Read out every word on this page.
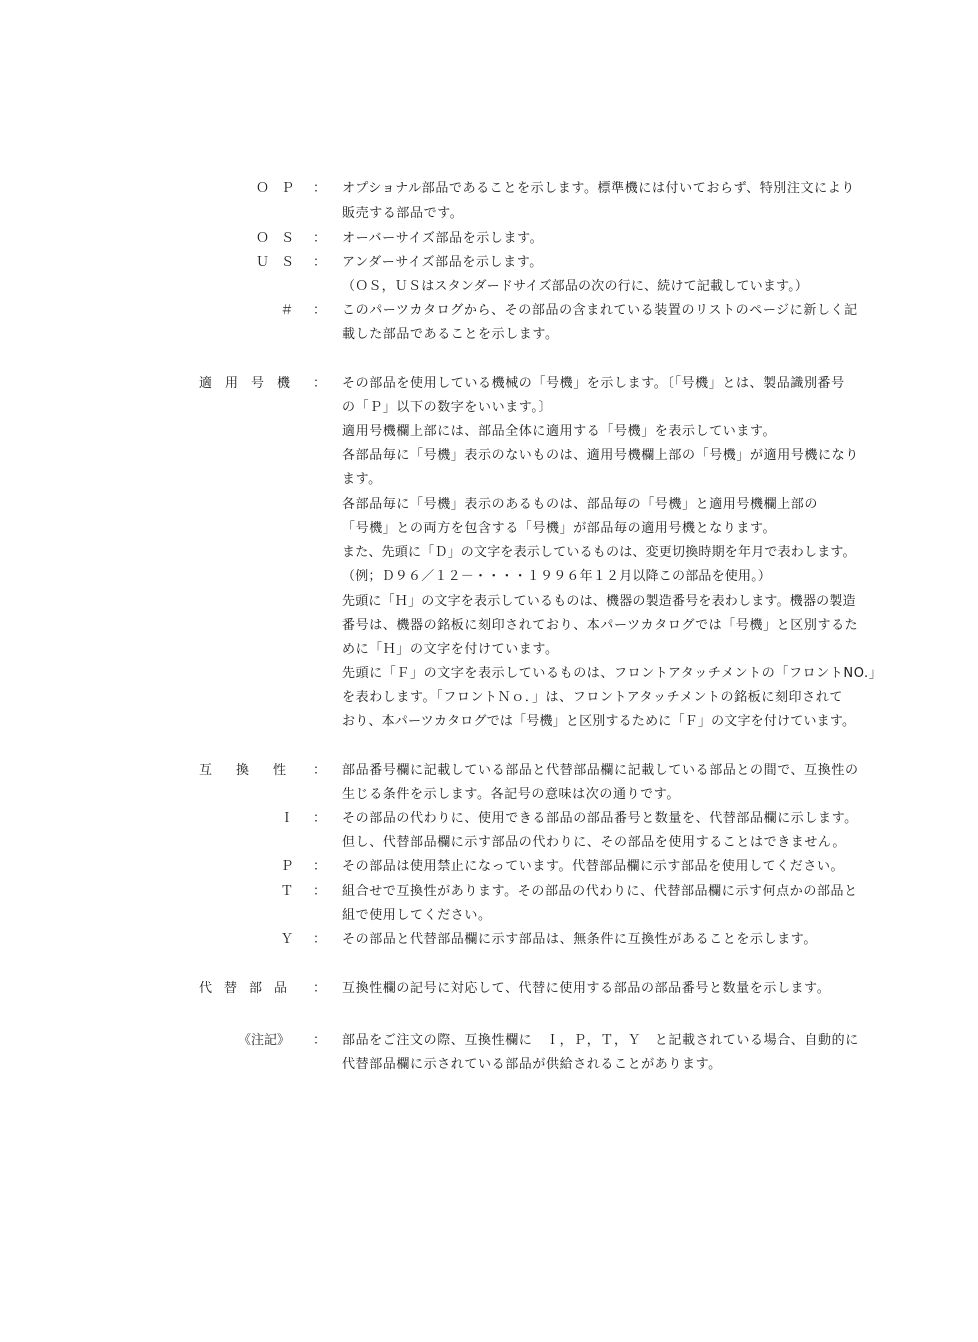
ＯＰ ： オプショナル部品であることを示します。標準機には付いておらず、特別注文により
販売する部品です。
ＯＳ ： オーバーサイズ部品を示します。
ＵＳ ： アンダーサイズ部品を示します。
（ＯＳ，ＵＳはスタンダードサイズ部品の次の行に、続けて記載しています。）
＃ ： このパーツカタログから、その部品の含まれている装置のリストのページに新しく記
載した部品であることを示します。
適用号機 ： その部品を使用している機械の「号機」を示します。〔「号機」とは、製品識別番号
の「Ｐ」以下の数字をいいます。〕
適用号機欄上部には、部品全体に適用する「号機」を表示しています。
各部品毎に「号機」表示のないものは、適用号機欄上部の「号機」が適用号機になり
ます。
各部品毎に「号機」表示のあるものは、部品毎の「号機」と適用号機欄上部の
「号機」との両方を包含する「号機」が部品毎の適用号機となります。
また、先頭に「Ｄ」の文字を表示しているものは、変更切換時期を年月で表わします。
（例；Ｄ９６／１２－・・・・１９９６年１２月以降この部品を使用。）
先頭に「Ｈ」の文字を表示しているものは、機器の製造番号を表わします。機器の製造
番号は、機器の銘板に刻印されており、本パーツカタログでは「号機」と区別するた
めに「Ｈ」の文字を付けています。
先頭に「Ｆ」の文字を表示しているものは、フロントアタッチメントの「フロントNO.」
を表わします。「フロントＮｏ．」は、フロントアタッチメントの銘板に刻印されて
おり、本パーツカタログでは「号機」と区別するために「Ｆ」の文字を付けています。
互換性 ： 部品番号欄に記載している部品と代替部品欄に記載している部品との間で、互換性の
生じる条件を示します。各記号の意味は次の通りです。
Ｉ ： その部品の代わりに、使用できる部品の部品番号と数量を、代替部品欄に示します。
但し、代替部品欄に示す部品の代わりに、その部品を使用することはできません。
Ｐ ： その部品は使用禁止になっています。代替部品欄に示す部品を使用してください。
Ｔ ： 組合せで互換性があります。その部品の代わりに、代替部品欄に示す何点かの部品と
組で使用してください。
Ｙ ： その部品と代替部品欄に示す部品は、無条件に互換性があることを示します。
代替部品 ： 互換性欄の記号に対応して、代替に使用する部品の部品番号と数量を示します。
《注記》 ： 部品をご注文の際、互換性欄に　Ｉ，Ｐ，Ｔ，Ｙ　と記載されている場合、自動的に
代替部品欄に示されている部品が供給されることがあります。
